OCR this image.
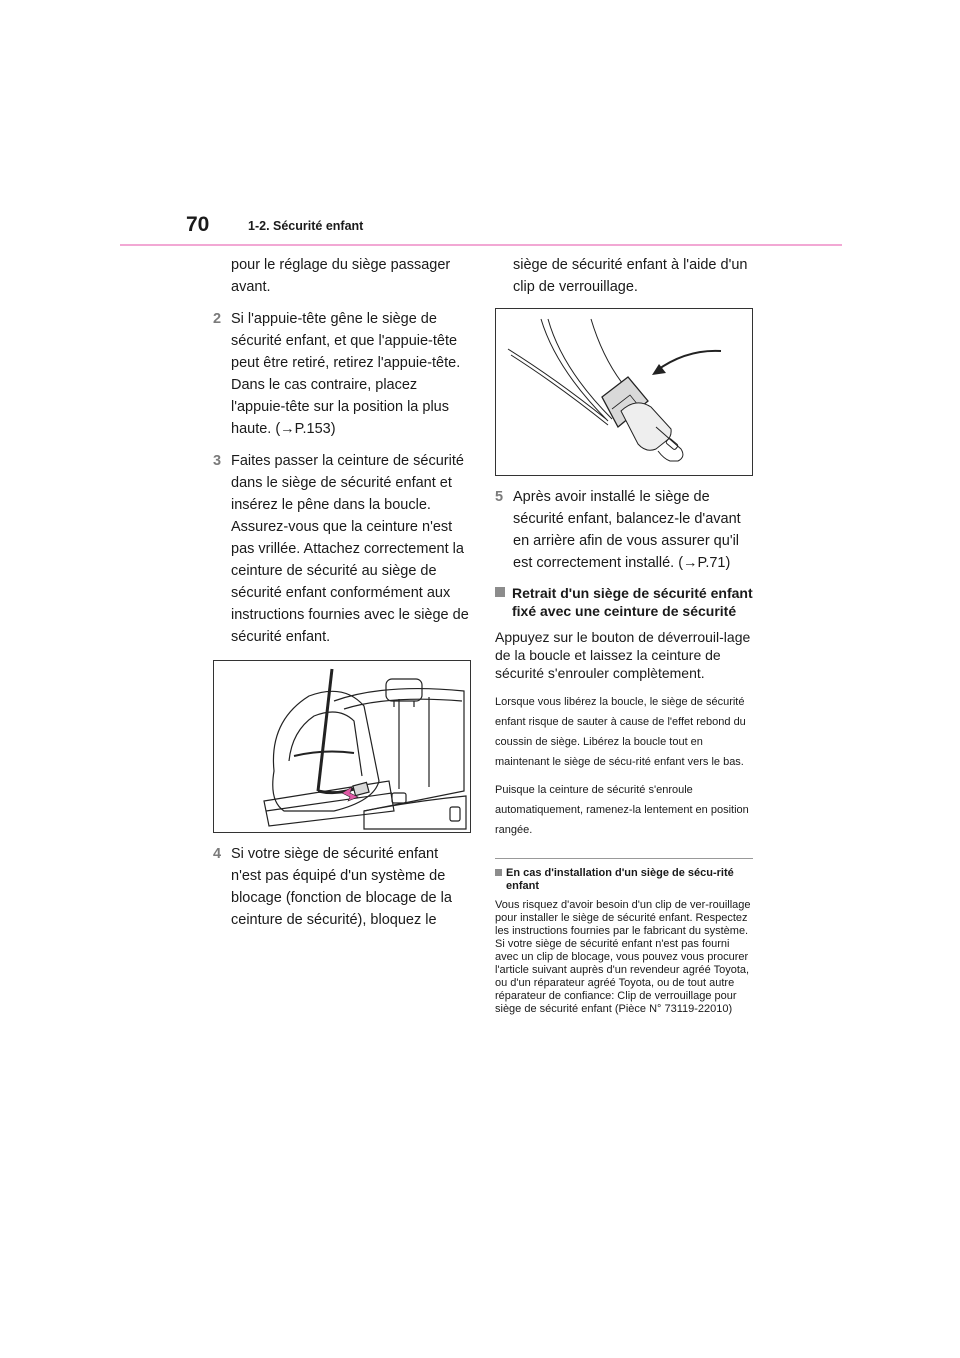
70	1-2. Sécurité enfant

pour le réglage du siège passager avant.

2 Si l'appuie-tête gêne le siège de sécurité enfant, et que l'appuie-tête peut être retiré, retirez l'appuie-tête. Dans le cas contraire, placez l'appuie-tête sur la position la plus haute. (→P.153)
3 Faites passer la ceinture de sécurité dans le siège de sécurité enfant et insérez le pêne dans la boucle. Assurez-vous que la ceinture n'est pas vrillée. Attachez correctement la ceinture de sécurité au siège de sécurité enfant conformément aux instructions fournies avec le siège de sécurité enfant.
4 Si votre siège de sécurité enfant n'est pas équipé d'un système de blocage (fonction de blocage de la ceinture de sécurité), bloquez le

siège de sécurité enfant à l'aide d'un clip de verrouillage.

5 Après avoir installé le siège de sécurité enfant, balancez-le d'avant en arrière afin de vous assurer qu'il est correctement installé. (→P.71)
Retrait d'un siège de sécurité enfant fixé avec une ceinture de sécurité

Appuyez sur le bouton de déverrouil-lage de la boucle et laissez la ceinture de sécurité s'enrouler complètement.

Lorsque vous libérez la boucle, le siège de sécurité enfant risque de sauter à cause de l'effet rebond du coussin de siège. Libérez la boucle tout en maintenant le siège de sécu-rité enfant vers le bas.

Puisque la ceinture de sécurité s'enroule automatiquement, ramenez-la lentement en position rangée.

En cas d'installation d'un siège de sécu-rité enfant

Vous risquez d'avoir besoin d'un clip de ver-rouillage pour installer le siège de sécurité enfant. Respectez les instructions fournies par le fabricant du système. Si votre siège de sécurité enfant n'est pas fourni avec un clip de blocage, vous pouvez vous procurer l'article suivant auprès d'un revendeur agréé Toyota, ou d'un réparateur agréé Toyota, ou de tout autre réparateur de confiance: Clip de verrouillage pour siège de sécurité enfant (Pièce N° 73119-22010)
